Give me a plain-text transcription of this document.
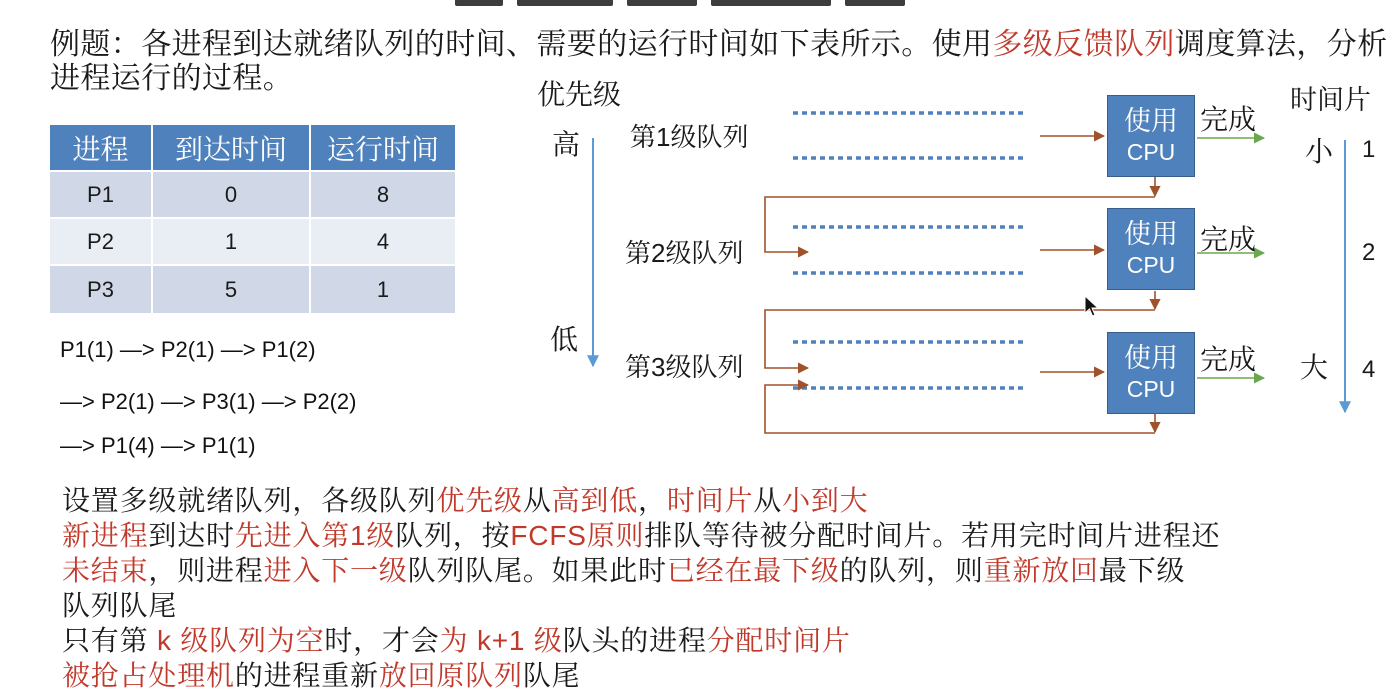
例题：各进程到达就绪队列的时间、需要的运行时间如下表所示。使用多级反馈队列调度算法，分析
进程运行的过程。
进程	到达时间	运行时间
P1	0	8
P2	1	4
P3	5	1
P1(1) —> P2(1) —> P1(2)
—> P2(1) —> P3(1) —> P2(2)
—> P1(4) —> P1(1)
优先级
高
低
第1级队列
第2级队列
第3级队列
使用
CPU
使用
CPU
使用
CPU
完成
完成
完成
时间片
小
大
1
2
4
设置多级就绪队列，各级队列优先级从高到低，时间片从小到大
新进程到达时先进入第1级队列，按FCFS原则排队等待被分配时间片。若用完时间片进程还
未结束，则进程进入下一级队列队尾。如果此时已经在最下级的队列，则重新放回最下级
队列队尾
只有第 k 级队列为空时，才会为 k+1 级队头的进程分配时间片
被抢占处理机的进程重新放回原队列队尾
